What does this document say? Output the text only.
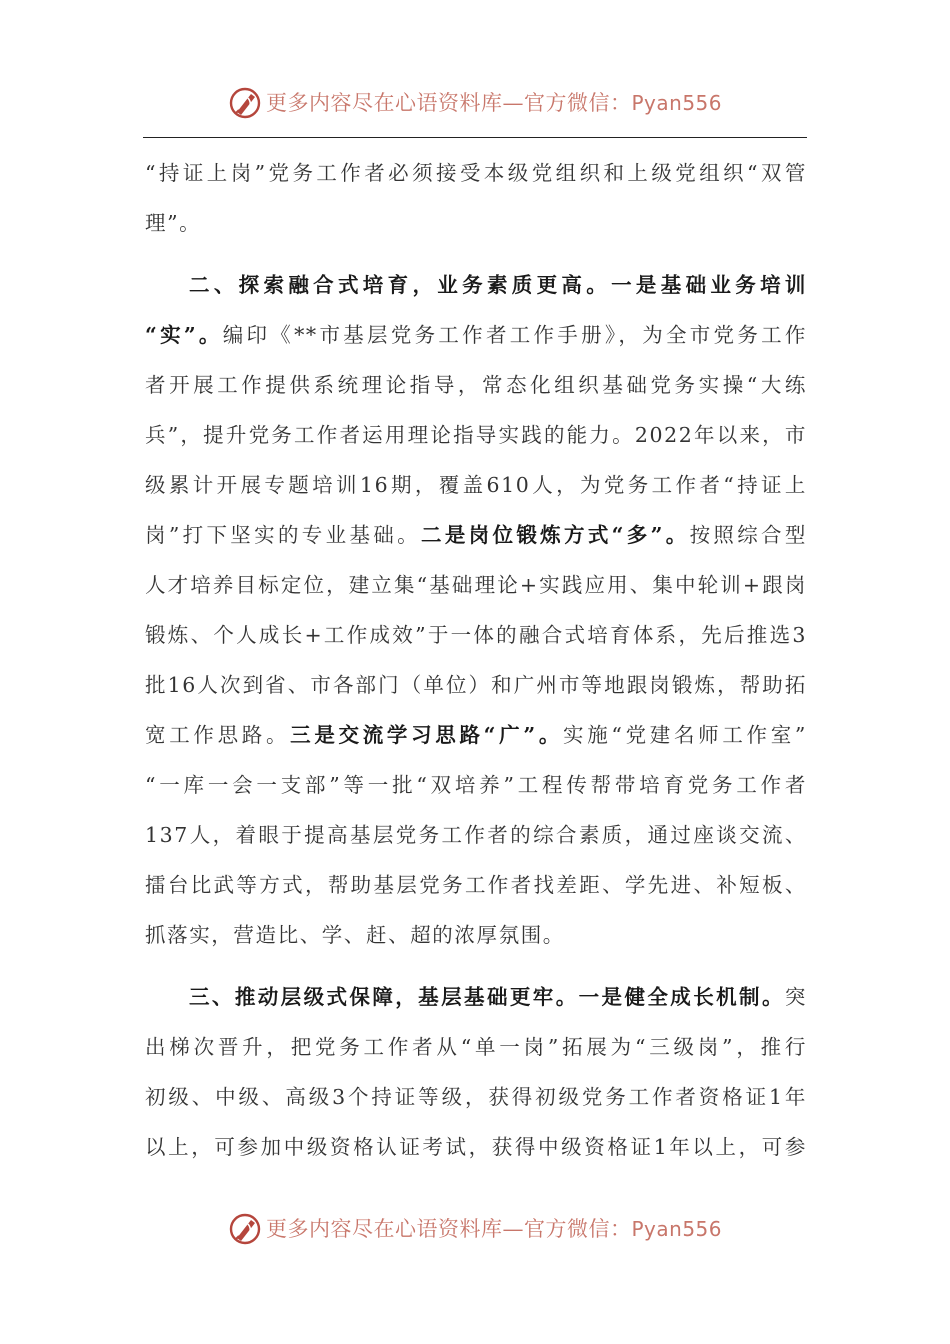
更多内容尽在心语资料库—官方微信：Pyan556
“持证上岗”党务工作者必须接受本级党组织和上级党组织“双管
理”。
二、探索融合式培育，业务素质更高。一是基础业务培训
“实”。编印《**市基层党务工作者工作手册》，为全市党务工作
者开展工作提供系统理论指导，常态化组织基础党务实操“大练
兵”，提升党务工作者运用理论指导实践的能力。2022年以来，市
级累计开展专题培训16期，覆盖610人，为党务工作者“持证上
岗”打下坚实的专业基础。二是岗位锻炼方式“多”。按照综合型
人才培养目标定位，建立集“基础理论+实践应用、集中轮训+跟岗
锻炼、个人成长+工作成效”于一体的融合式培育体系，先后推选3
批16人次到省、市各部门（单位）和广州市等地跟岗锻炼，帮助拓
宽工作思路。三是交流学习思路“广”。实施“党建名师工作室”
“一库一会一支部”等一批“双培养”工程传帮带培育党务工作者
137人，着眼于提高基层党务工作者的综合素质，通过座谈交流、
擂台比武等方式，帮助基层党务工作者找差距、学先进、补短板、
抓落实，营造比、学、赶、超的浓厚氛围。
三、推动层级式保障，基层基础更牢。一是健全成长机制。突
出梯次晋升，把党务工作者从“单一岗”拓展为“三级岗”，推行
初级、中级、高级3个持证等级，获得初级党务工作者资格证1年
以上，可参加中级资格认证考试，获得中级资格证1年以上，可参
更多内容尽在心语资料库—官方微信：Pyan556
